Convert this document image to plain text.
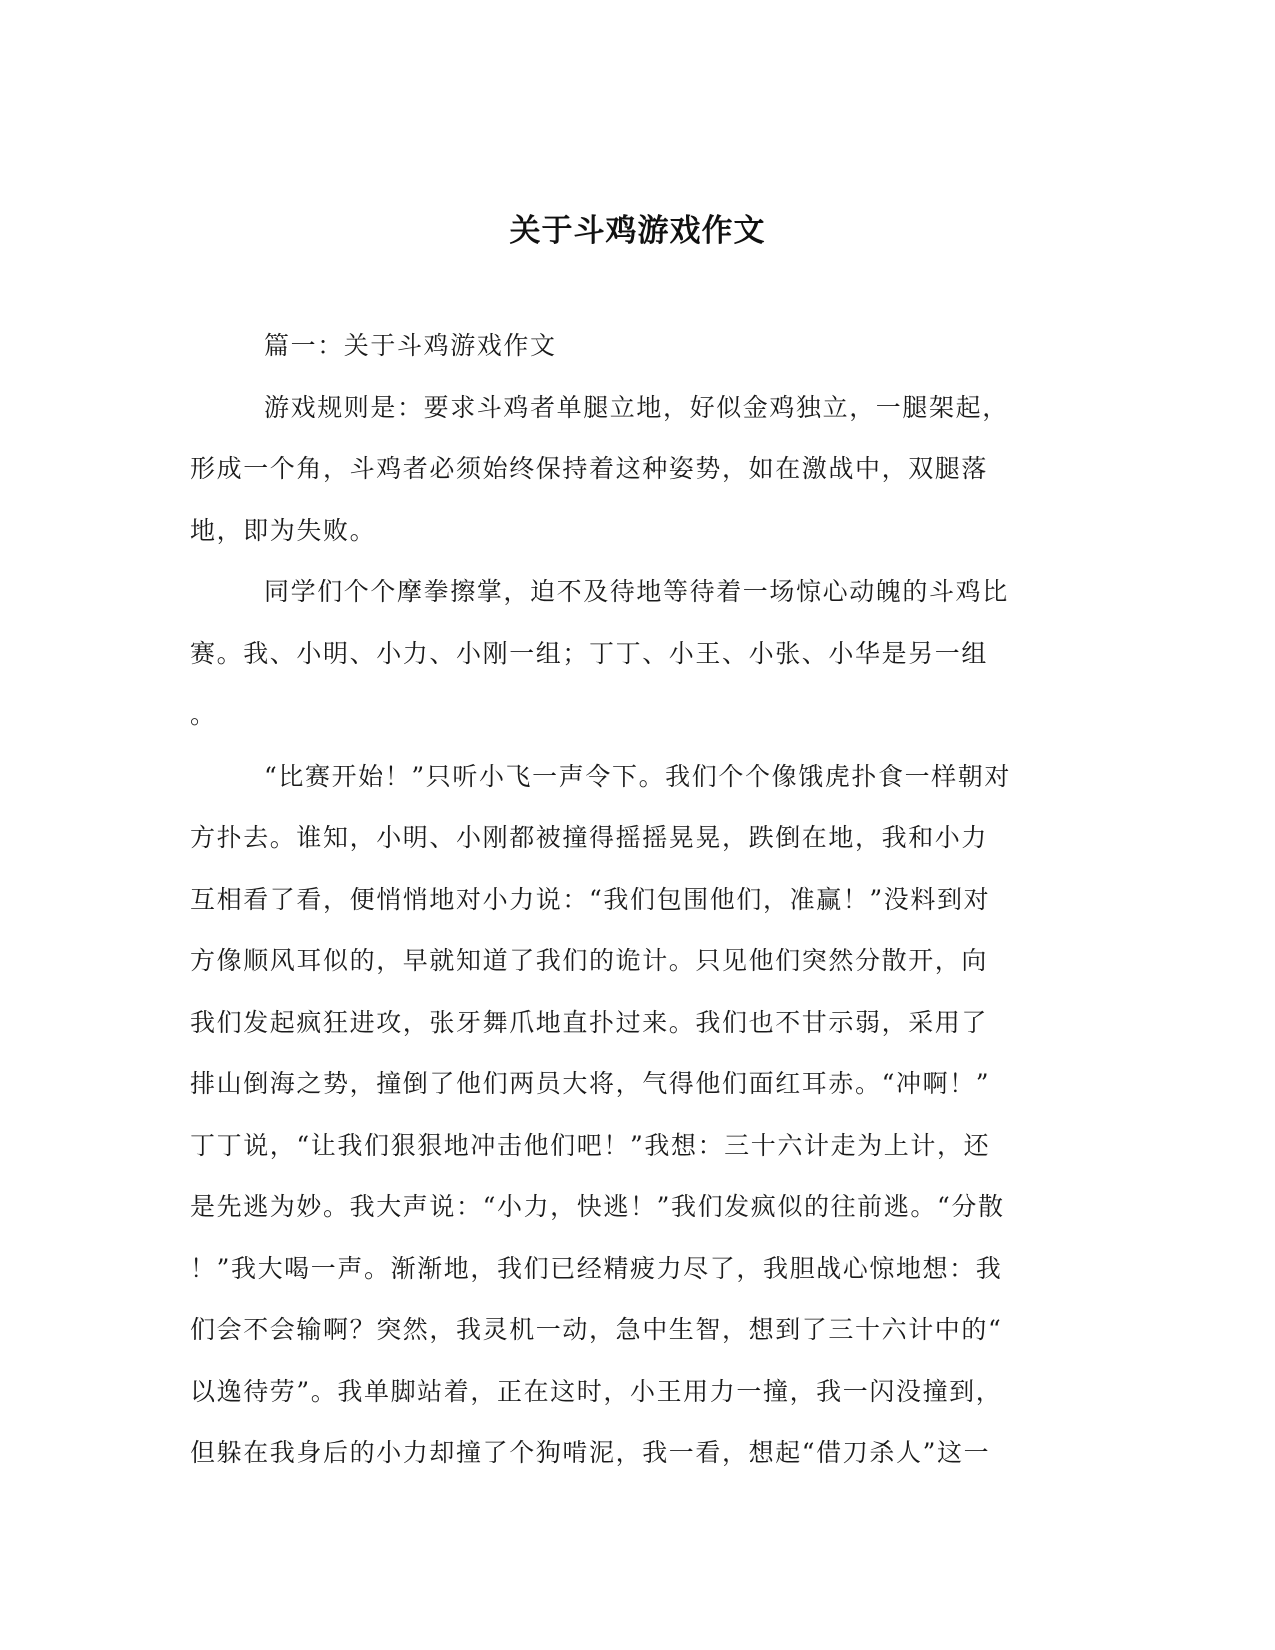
关于斗鸡游戏作文
篇一：关于斗鸡游戏作文
游戏规则是：要求斗鸡者单腿立地，好似金鸡独立，一腿架起，
形成一个角，斗鸡者必须始终保持着这种姿势，如在激战中，双腿落
地，即为失败。
同学们个个摩拳擦掌，迫不及待地等待着一场惊心动魄的斗鸡比
赛。我、小明、小力、小刚一组；丁丁、小王、小张、小华是另一组
。
“比赛开始！”只听小飞一声令下。我们个个像饿虎扑食一样朝对
方扑去。谁知，小明、小刚都被撞得摇摇晃晃，跌倒在地，我和小力
互相看了看，便悄悄地对小力说：“我们包围他们，准赢！”没料到对
方像顺风耳似的，早就知道了我们的诡计。只见他们突然分散开，向
我们发起疯狂进攻，张牙舞爪地直扑过来。我们也不甘示弱，采用了
排山倒海之势，撞倒了他们两员大将，气得他们面红耳赤。“冲啊！”
丁丁说，“让我们狠狠地冲击他们吧！”我想：三十六计走为上计，还
是先逃为妙。我大声说：“小力，快逃！”我们发疯似的往前逃。“分散
！”我大喝一声。渐渐地，我们已经精疲力尽了，我胆战心惊地想：我
们会不会输啊？突然，我灵机一动，急中生智，想到了三十六计中的“
以逸待劳”。我单脚站着，正在这时，小王用力一撞，我一闪没撞到，
但躲在我身后的小力却撞了个狗啃泥，我一看，想起“借刀杀人”这一
